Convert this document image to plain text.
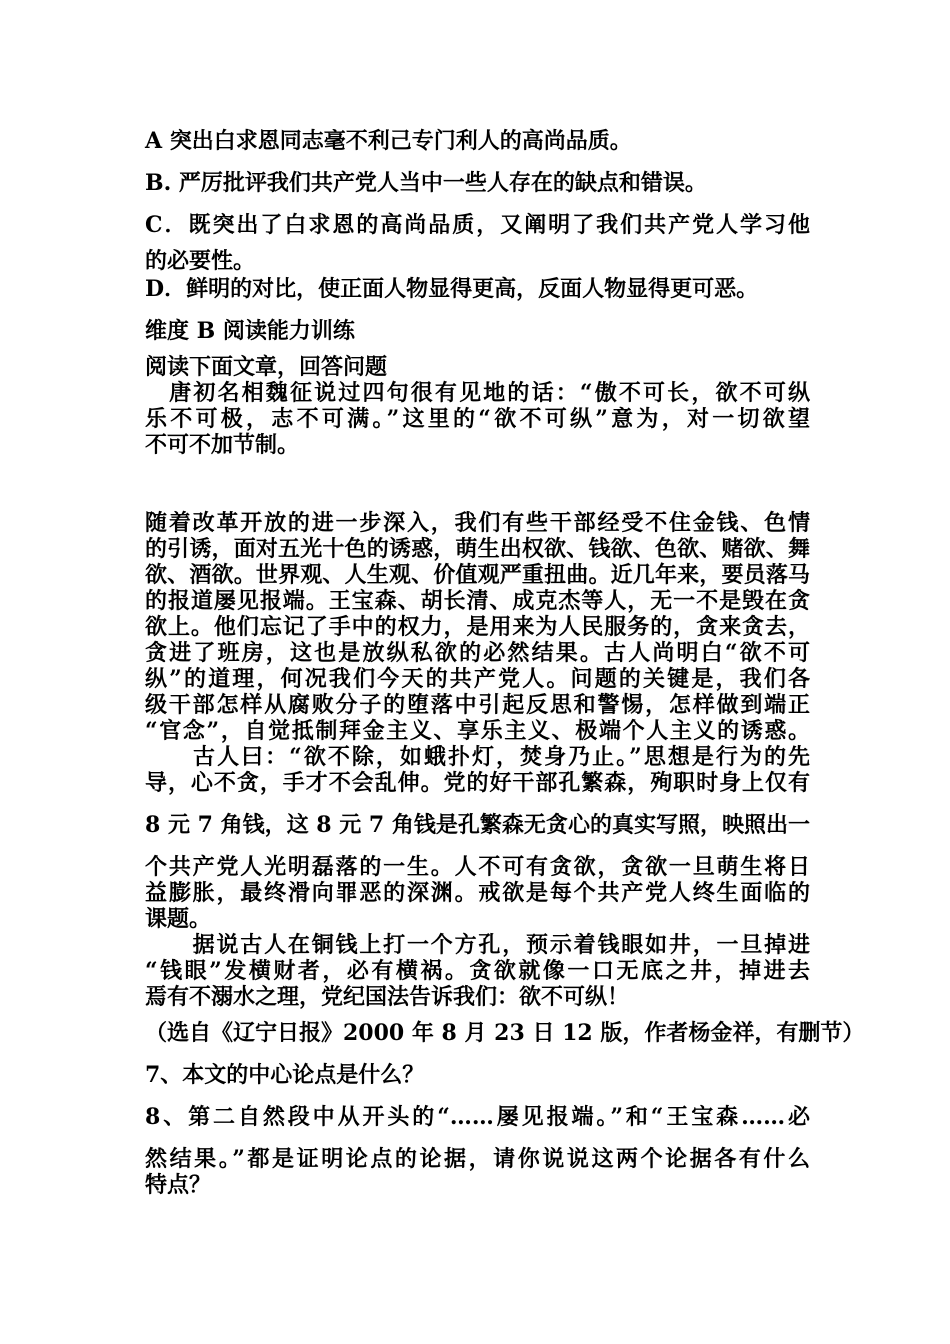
A 突出白求恩同志毫不利己专门利人的高尚品质。
B. 严厉批评我们共产党人当中一些人存在的缺点和错误。
C．既突出了白求恩的高尚品质，又阐明了我们共产党人学习他
的必要性。
D．鲜明的对比，使正面人物显得更高，反面人物显得更可恶。
维度 B 阅读能力训练
阅读下面文章，回答问题
　唐初名相魏征说过四句很有见地的话：“傲不可长，欲不可纵
乐不可极，志不可满。”这里的“欲不可纵”意为，对一切欲望
不可不加节制。
随着改革开放的进一步深入，我们有些干部经受不住金钱、色情
的引诱，面对五光十色的诱惑，萌生出权欲、钱欲、色欲、赌欲、舞
欲、酒欲。世界观、人生观、价值观严重扭曲。近几年来，要员落马
的报道屡见报端。王宝森、胡长清、成克杰等人，无一不是毁在贪
欲上。他们忘记了手中的权力，是用来为人民服务的，贪来贪去，
贪进了班房，这也是放纵私欲的必然结果。古人尚明白“欲不可
纵”的道理，何况我们今天的共产党人。问题的关键是，我们各
级干部怎样从腐败分子的堕落中引起反思和警惕，怎样做到端正
“官念”，自觉抵制拜金主义、享乐主义、极端个人主义的诱惑。
　　古人曰：“欲不除，如蛾扑灯，焚身乃止。”思想是行为的先
导，心不贪，手才不会乱伸。党的好干部孔繁森，殉职时身上仅有
8 元 7 角钱，这 8 元 7 角钱是孔繁森无贪心的真实写照，映照出一
个共产党人光明磊落的一生。人不可有贪欲，贪欲一旦萌生将日
益膨胀，最终滑向罪恶的深渊。戒欲是每个共产党人终生面临的
课题。
　　据说古人在铜钱上打一个方孔，预示着钱眼如井，一旦掉进
“钱眼”发横财者，必有横祸。贪欲就像一口无底之井，掉进去
焉有不溺水之理，党纪国法告诉我们：欲不可纵！
（选自《辽宁日报》2000 年 8 月 23 日 12 版，作者杨金祥，有删节）
7、本文的中心论点是什么？
8、第二自然段中从开头的“……屡见报端。”和“王宝森……必
然结果。”都是证明论点的论据，请你说说这两个论据各有什么
特点？
